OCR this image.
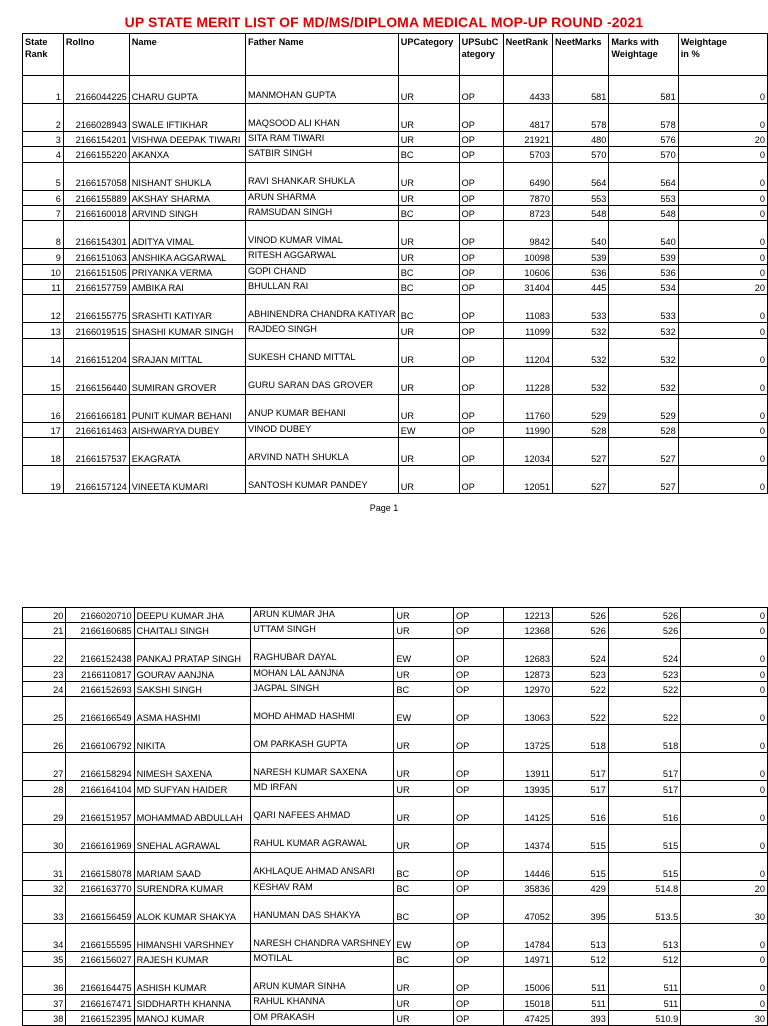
UP STATE MERIT LIST OF MD/MS/DIPLOMA MEDICAL MOP-UP ROUND -2021
State Rank	Rollno	Name	Father Name	UPCategory	UPSubCategory	NeetRank	NeetMarks	Marks with Weightage	Weightage in %
1	2166044225	CHARU GUPTA	MANMOHAN GUPTA	UR	OP	4433	581	581	0
2	2166028943	SWALE IFTIKHAR	MAQSOOD ALI KHAN	UR	OP	4817	578	578	0
3	2166154201	VISHWA DEEPAK TIWARI	SITA RAM TIWARI	UR	OP	21921	480	576	20
4	2166155220	AKANXA	SATBIR SINGH	BC	OP	5703	570	570	0
5	2166157058	NISHANT SHUKLA	RAVI SHANKAR SHUKLA	UR	OP	6490	564	564	0
6	2166155889	AKSHAY SHARMA	ARUN SHARMA	UR	OP	7870	553	553	0
7	2166160018	ARVIND SINGH	RAMSUDAN SINGH	BC	OP	8723	548	548	0
8	2166154301	ADITYA VIMAL	VINOD KUMAR VIMAL	UR	OP	9842	540	540	0
9	2166151063	ANSHIKA AGGARWAL	RITESH AGGARWAL	UR	OP	10098	539	539	0
10	2166151505	PRIYANKA VERMA	GOPI CHAND	BC	OP	10606	536	536	0
11	2166157759	AMBIKA RAI	BHULLAN RAI	BC	OP	31404	445	534	20
12	2166155775	SRASHTI KATIYAR	ABHINENDRA CHANDRA KATIYAR	BC	OP	11083	533	533	0
13	2166019515	SHASHI KUMAR SINGH	RAJDEO SINGH	UR	OP	11099	532	532	0
14	2166151204	SRAJAN MITTAL	SUKESH CHAND MITTAL	UR	OP	11204	532	532	0
15	2166156440	SUMIRAN GROVER	GURU SARAN DAS GROVER	UR	OP	11228	532	532	0
16	2166166181	PUNIT KUMAR BEHANI	ANUP KUMAR BEHANI	UR	OP	11760	529	529	0
17	2166161463	AISHWARYA DUBEY	VINOD DUBEY	EW	OP	11990	528	528	0
18	2166157537	EKAGRATA	ARVIND NATH SHUKLA	UR	OP	12034	527	527	0
19	2166157124	VINEETA KUMARI	SANTOSH KUMAR PANDEY	UR	OP	12051	527	527	0
Page 1
20	2166020710	DEEPU KUMAR JHA	ARUN KUMAR JHA	UR	OP	12213	526	526	0
21	2166160685	CHAITALI SINGH	UTTAM SINGH	UR	OP	12368	526	526	0
22	2166152438	PANKAJ PRATAP SINGH	RAGHUBAR DAYAL	EW	OP	12683	524	524	0
23	2166110817	GOURAV AANJNA	MOHAN LAL AANJNA	UR	OP	12873	523	523	0
24	2166152693	SAKSHI SINGH	JAGPAL SINGH	BC	OP	12970	522	522	0
25	2166166549	ASMA HASHMI	MOHD AHMAD HASHMI	EW	OP	13063	522	522	0
26	2166106792	NIKITA	OM PARKASH GUPTA	UR	OP	13725	518	518	0
27	2166158294	NIMESH SAXENA	NARESH KUMAR SAXENA	UR	OP	13911	517	517	0
28	2166164104	MD SUFYAN HAIDER	MD IRFAN	UR	OP	13935	517	517	0
29	2166151957	MOHAMMAD ABDULLAH	QARI NAFEES AHMAD	UR	OP	14125	516	516	0
30	2166161969	SNEHAL AGRAWAL	RAHUL KUMAR AGRAWAL	UR	OP	14374	515	515	0
31	2166158078	MARIAM SAAD	AKHLAQUE AHMAD ANSARI	BC	OP	14446	515	515	0
32	2166163770	SURENDRA KUMAR	KESHAV RAM	BC	OP	35836	429	514.8	20
33	2166156459	ALOK KUMAR SHAKYA	HANUMAN DAS SHAKYA	BC	OP	47052	395	513.5	30
34	2166155595	HIMANSHI VARSHNEY	NARESH CHANDRA VARSHNEY	EW	OP	14784	513	513	0
35	2166156027	RAJESH KUMAR	MOTILAL	BC	OP	14971	512	512	0
36	2166164475	ASHISH KUMAR	ARUN KUMAR SINHA	UR	OP	15006	511	511	0
37	2166167471	SIDDHARTH KHANNA	RAHUL KHANNA	UR	OP	15018	511	511	0
38	2166152395	MANOJ KUMAR	OM PRAKASH	UR	OP	47425	393	510.9	30
